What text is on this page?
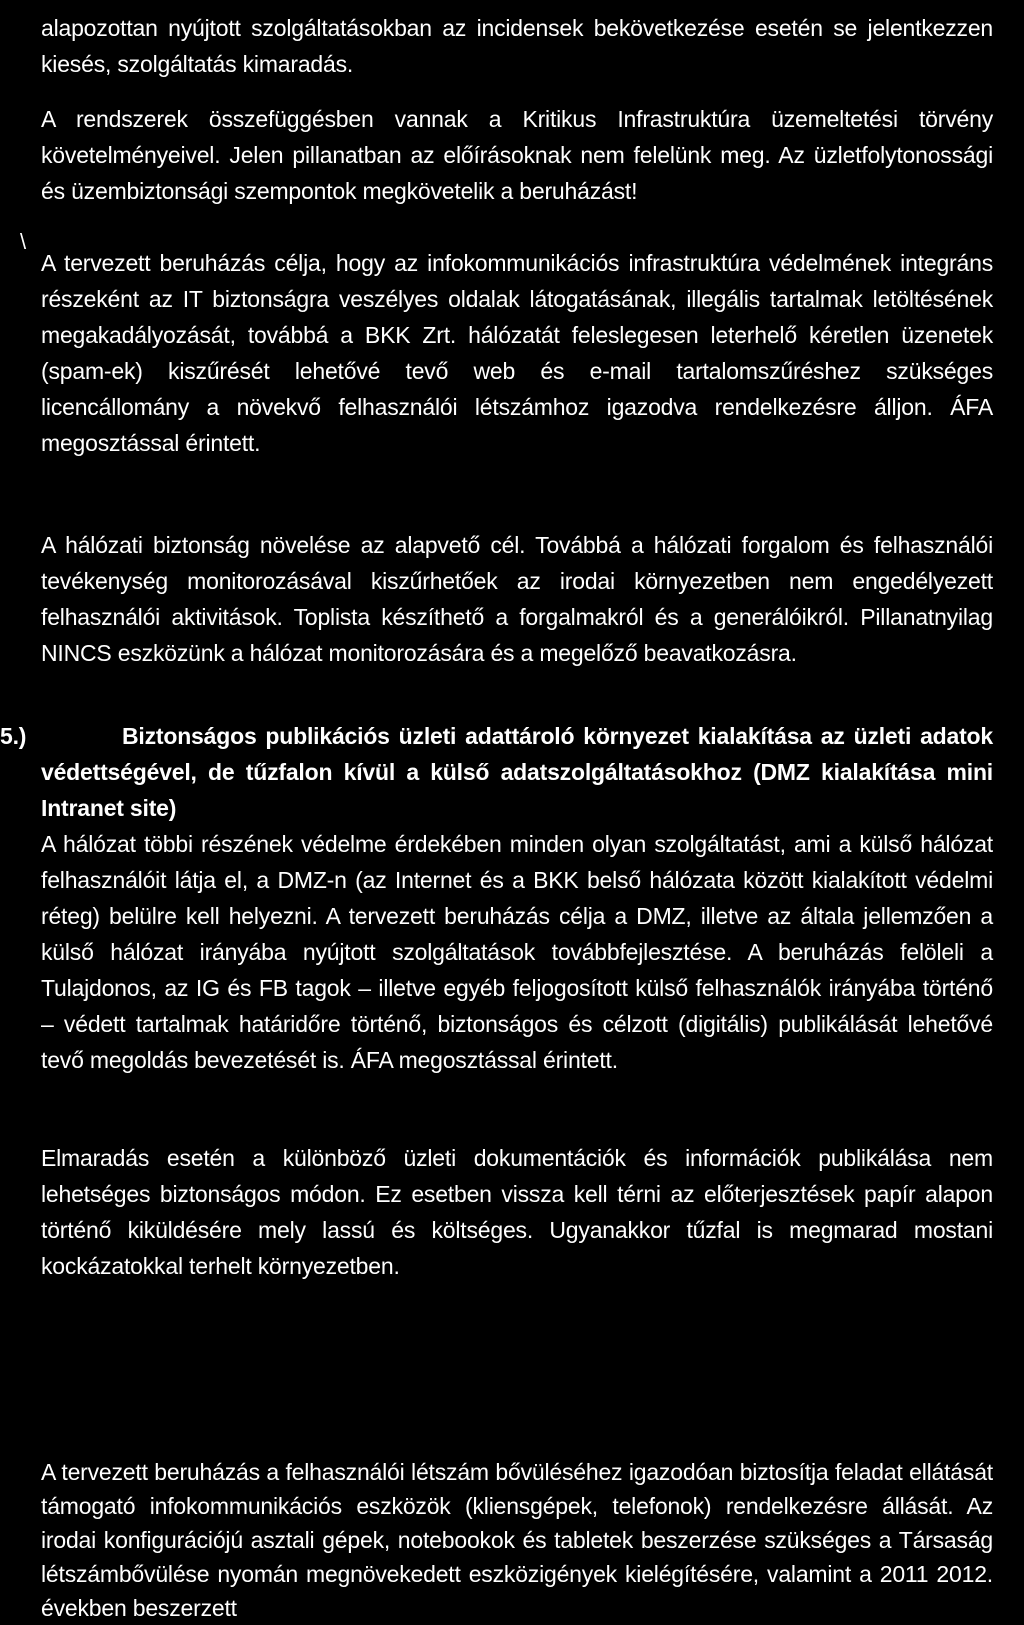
alapozottan nyújtott szolgáltatásokban az incidensek bekövetkezése esetén se jelentkezzen kiesés, szolgáltatás kimaradás.

A rendszerek összefüggésben vannak a Kritikus Infrastruktúra üzemeltetési törvény követelményeivel. Jelen pillanatban az előírásoknak nem felelünk meg. Az üzletfolytonossági és üzembiztonsági szempontok megkövetelik a beruházást!

\

A tervezett beruházás célja, hogy az infokommunikációs infrastruktúra védelmének integráns részeként az IT biztonságra veszélyes oldalak látogatásának, illegális tartalmak letöltésének megakadályozását, továbbá a BKK Zrt. hálózatát feleslegesen leterhelő kéretlen üzenetek (spam-ek) kiszűrését lehetővé tevő web és e-mail tartalomszűréshez szükséges licencállomány a növekvő felhasználói létszámhoz igazodva rendelkezésre álljon. ÁFA megosztással érintett.

A hálózati biztonság növelése az alapvető cél. Továbbá a hálózati forgalom és felhasználói tevékenység monitorozásával kiszűrhetőek az irodai környezetben nem engedélyezett felhasználói aktivitások. Toplista készíthető a forgalmakról és a generálóikról. Pillanatnyilag NINCS eszközünk a hálózat monitorozására és a megelőző beavatkozásra.

5.)	Biztonságos publikációs üzleti adattároló környezet kialakítása az üzleti adatok védettségével, de tűzfalon kívül a külső adatszolgáltatásokhoz (DMZ kialakítása mini Intranet site)

A hálózat többi részének védelme érdekében minden olyan szolgáltatást, ami a külső hálózat felhasználóit látja el, a DMZ-n (az Internet és a BKK belső hálózata között kialakított védelmi réteg) belülre kell helyezni. A tervezett beruházás célja a DMZ, illetve az általa jellemzően a külső hálózat irányába nyújtott szolgáltatások továbbfejlesztése. A beruházás felöleli a Tulajdonos, az IG és FB tagok – illetve egyéb feljogosított külső felhasználók irányába történő – védett tartalmak határidőre történő, biztonságos és célzott (digitális) publikálását lehetővé tevő megoldás bevezetését is. ÁFA megosztással érintett.

Elmaradás esetén a különböző üzleti dokumentációk és információk publikálása nem lehetséges biztonságos módon. Ez esetben vissza kell térni az előterjesztések papír alapon történő kiküldésére mely lassú és költséges. Ugyanakkor tűzfal is megmarad mostani kockázatokkal terhelt környezetben.

A tervezett beruházás a felhasználói létszám bővüléséhez igazodóan biztosítja feladat ellátását támogató infokommunikációs eszközök (kliensgépek, telefonok) rendelkezésre állását. Az irodai konfigurációjú asztali gépek, notebookok és tabletek beszerzése szükséges a Társaság létszámbővülése nyomán megnövekedett eszközigények kielégítésére, valamint a 2011 2012. években beszerzett
